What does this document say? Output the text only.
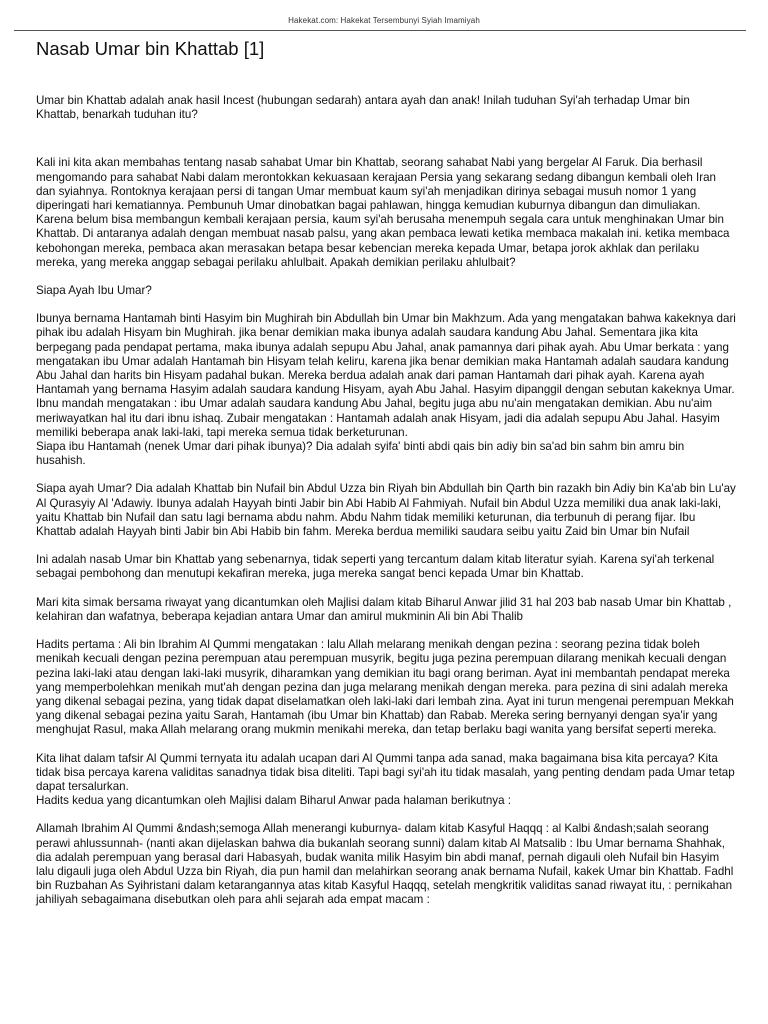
Hakekat.com: Hakekat Tersembunyi Syiah Imamiyah
Nasab Umar bin Khattab [1]

Umar bin Khattab adalah anak hasil Incest (hubungan sedarah) antara ayah dan anak! Inilah tuduhan Syi'ah terhadap Umar bin Khattab, benarkah tuduhan itu?

Kali ini kita akan membahas tentang nasab sahabat Umar bin Khattab, seorang sahabat Nabi yang bergelar Al Faruk. Dia berhasil mengomando para sahabat Nabi dalam merontokkan kekuasaan kerajaan Persia yang sekarang sedang dibangun kembali oleh Iran dan syiahnya. Rontoknya kerajaan persi di tangan Umar membuat kaum syi'ah menjadikan dirinya sebagai musuh nomor 1 yang diperingati hari kematiannya. Pembunuh Umar dinobatkan bagai pahlawan, hingga kemudian kuburnya dibangun dan dimuliakan. Karena belum bisa membangun kembali kerajaan persia, kaum syi'ah berusaha menempuh segala cara untuk menghinakan Umar bin Khattab. Di antaranya adalah dengan membuat nasab palsu, yang akan pembaca lewati ketika membaca makalah ini. ketika membaca kebohongan mereka, pembaca akan merasakan betapa besar kebencian mereka kepada Umar, betapa jorok akhlak dan perilaku mereka, yang mereka anggap sebagai perilaku ahlulbait. Apakah demikian perilaku ahlulbait?

Siapa Ayah Ibu Umar?

Ibunya bernama Hantamah binti Hasyim bin Mughirah bin Abdullah bin Umar bin Makhzum. Ada yang mengatakan bahwa kakeknya dari pihak ibu adalah Hisyam bin Mughirah. jika benar demikian maka ibunya adalah saudara kandung Abu Jahal. Sementara jika kita berpegang pada pendapat pertama, maka ibunya adalah sepupu Abu Jahal, anak pamannya dari pihak ayah. Abu Umar berkata : yang mengatakan ibu Umar adalah Hantamah bin Hisyam telah keliru, karena jika benar demikian maka Hantamah adalah saudara kandung Abu Jahal dan harits bin Hisyam padahal bukan. Mereka berdua adalah anak dari paman Hantamah dari pihak ayah. Karena ayah Hantamah yang bernama Hasyim adalah saudara kandung Hisyam, ayah Abu Jahal. Hasyim dipanggil dengan sebutan kakeknya Umar. Ibnu mandah mengatakan : ibu Umar adalah saudara kandung Abu Jahal, begitu juga abu nu'ain mengatakan demikian. Abu nu'aim meriwayatkan hal itu dari ibnu ishaq. Zubair mengatakan : Hantamah adalah anak Hisyam, jadi dia adalah sepupu Abu Jahal. Hasyim memiliki beberapa anak laki-laki, tapi mereka semua tidak berketurunan.

Siapa ibu Hantamah (nenek Umar dari pihak ibunya)? Dia adalah syifa' binti abdi qais bin adiy bin sa'ad bin sahm bin amru bin husahish.

Siapa ayah Umar? Dia adalah Khattab bin Nufail bin Abdul Uzza bin Riyah bin Abdullah bin Qarth bin razakh bin Adiy bin Ka'ab bin Lu'ay Al Qurasyiy Al 'Adawiy. Ibunya adalah Hayyah binti Jabir bin Abi Habib Al Fahmiyah. Nufail bin Abdul Uzza memiliki dua anak laki-laki, yaitu Khattab bin Nufail dan satu lagi bernama abdu nahm. Abdu Nahm tidak memiliki keturunan, dia terbunuh di perang fijar. Ibu Khattab adalah Hayyah binti Jabir bin Abi Habib bin fahm. Mereka berdua memiliki saudara seibu yaitu Zaid bin Umar bin Nufail

Ini adalah nasab Umar bin Khattab yang sebenarnya, tidak seperti yang tercantum dalam kitab literatur syiah. Karena syi'ah terkenal sebagai pembohong dan menutupi kekafiran mereka, juga mereka sangat benci kepada Umar bin Khattab.

Mari kita simak bersama riwayat yang dicantumkan oleh Majlisi dalam kitab Biharul Anwar jilid 31 hal 203 bab nasab Umar bin Khattab , kelahiran dan wafatnya, beberapa kejadian antara Umar dan amirul mukminin Ali bin Abi Thalib

Hadits pertama : Ali bin Ibrahim Al Qummi mengatakan : lalu Allah melarang menikah dengan pezina : seorang pezina tidak boleh menikah kecuali dengan pezina perempuan atau perempuan musyrik, begitu juga pezina perempuan dilarang menikah kecuali dengan pezina laki-laki atau dengan laki-laki musyrik, diharamkan yang demikian itu bagi orang beriman. Ayat ini membantah pendapat mereka yang memperbolehkan menikah mut'ah dengan pezina dan juga melarang menikah dengan mereka. para pezina di sini adalah mereka yang dikenal sebagai pezina, yang tidak dapat diselamatkan oleh laki-laki dari lembah zina. Ayat ini turun mengenai perempuan Mekkah yang dikenal sebagai pezina yaitu Sarah, Hantamah (ibu Umar bin Khattab) dan Rabab. Mereka sering bernyanyi dengan sya'ir yang menghujat Rasul, maka Allah melarang orang mukmin menikahi mereka, dan tetap berlaku bagi wanita yang bersifat seperti mereka.

Kita lihat dalam tafsir Al Qummi ternyata itu adalah ucapan dari Al Qummi tanpa ada sanad, maka bagaimana bisa kita percaya? Kita tidak bisa percaya karena validitas sanadnya tidak bisa diteliti. Tapi bagi syi'ah itu tidak masalah, yang penting dendam pada Umar tetap dapat tersalurkan.

Hadits kedua yang dicantumkan oleh Majlisi dalam Biharul Anwar pada halaman berikutnya :

Allamah Ibrahim Al Qummi &ndash;semoga Allah menerangi kuburnya- dalam kitab Kasyful Haqqq : al Kalbi &ndash;salah seorang perawi ahlussunnah- (nanti akan dijelaskan bahwa dia bukanlah seorang sunni) dalam kitab Al Matsalib : Ibu Umar bernama Shahhak, dia adalah perempuan yang berasal dari Habasyah, budak wanita milik Hasyim bin abdi manaf, pernah digauli oleh Nufail bin Hasyim lalu digauli juga oleh Abdul Uzza bin Riyah, dia pun hamil dan melahirkan seorang anak bernama Nufail, kakek Umar bin Khattab. Fadhl bin Ruzbahan As Syihristani dalam ketarangannya atas kitab Kasyful Haqqq, setelah mengkritik validitas sanad riwayat itu, : pernikahan jahiliyah sebagaimana disebutkan oleh para ahli sejarah ada empat macam :
